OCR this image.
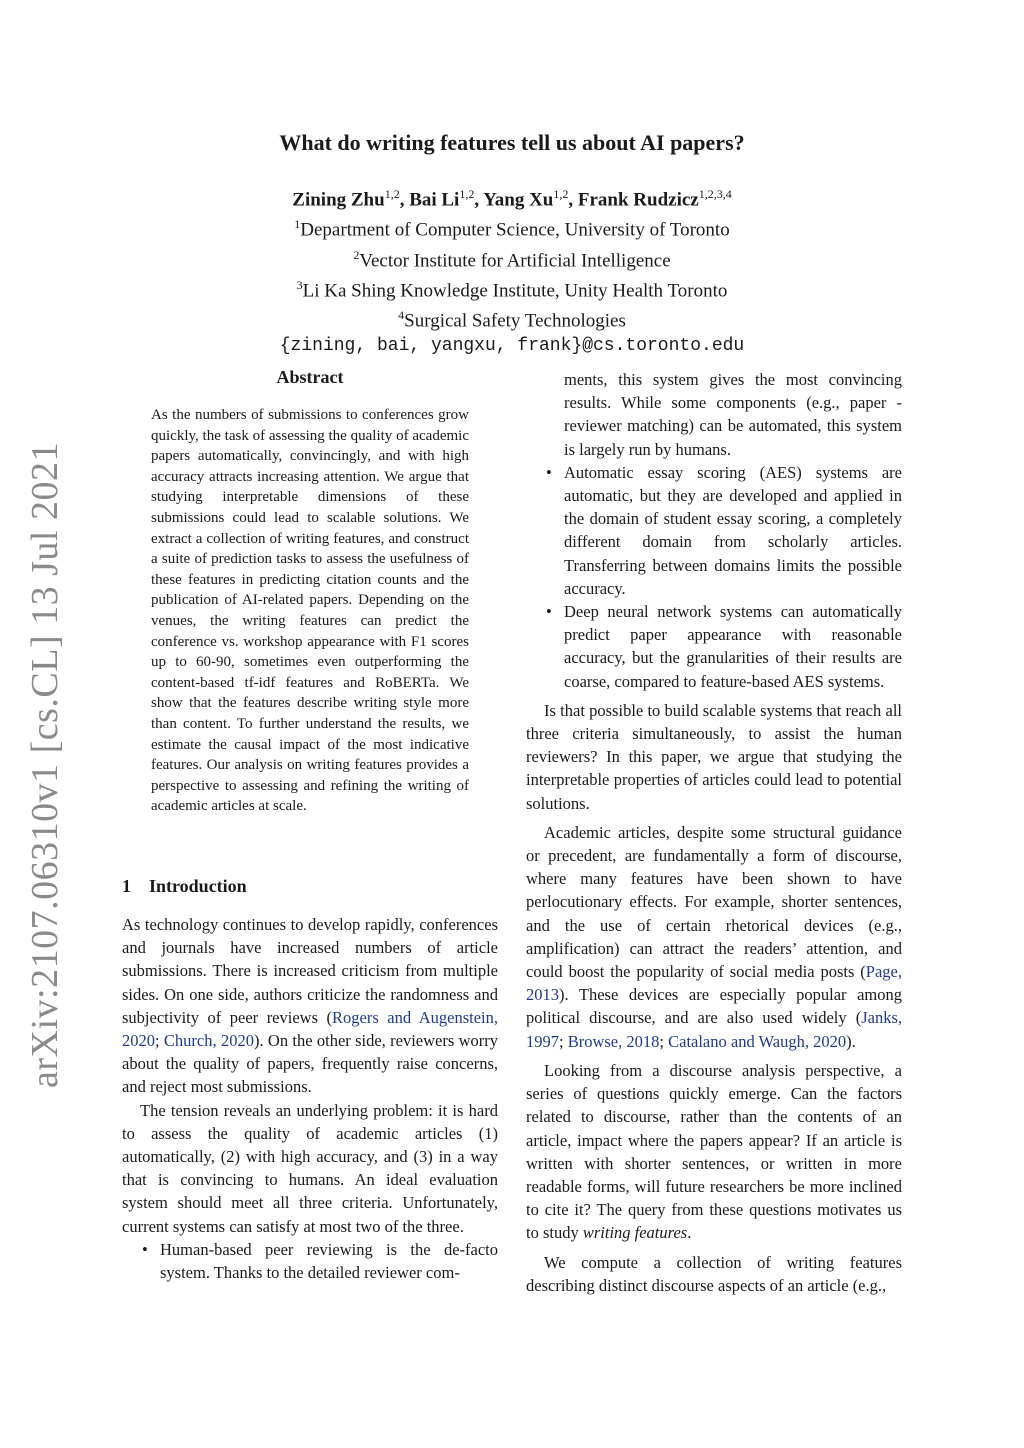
arXiv:2107.06310v1 [cs.CL] 13 Jul 2021
What do writing features tell us about AI papers?
Zining Zhu$^{1,2}$, Bai Li$^{1,2}$, Yang Xu$^{1,2}$, Frank Rudzicz$^{1,2,3,4}$
$^1$Department of Computer Science, University of Toronto
$^2$Vector Institute for Artificial Intelligence
$^3$Li Ka Shing Knowledge Institute, Unity Health Toronto
$^4$Surgical Safety Technologies
{zining, bai, yangxu, frank}@cs.toronto.edu
Abstract
As the numbers of submissions to conferences grow quickly, the task of assessing the quality of academic papers automatically, convincingly, and with high accuracy attracts increasing attention. We argue that studying interpretable dimensions of these submissions could lead to scalable solutions. We extract a collection of writing features, and construct a suite of prediction tasks to assess the usefulness of these features in predicting citation counts and the publication of AI-related papers. Depending on the venues, the writing features can predict the conference vs. workshop appearance with F1 scores up to 60-90, sometimes even outperforming the content-based tf-idf features and RoBERTa. We show that the features describe writing style more than content. To further understand the results, we estimate the causal impact of the most indicative features. Our analysis on writing features provides a perspective to assessing and refining the writing of academic articles at scale.
1 Introduction

As technology continues to develop rapidly, conferences and journals have increased numbers of article submissions. There is increased criticism from multiple sides. On one side, authors criticize the randomness and subjectivity of peer reviews (Rogers and Augenstein, 2020; Church, 2020). On the other side, reviewers worry about the quality of papers, frequently raise concerns, and reject most submissions.

The tension reveals an underlying problem: it is hard to assess the quality of academic articles (1) automatically, (2) with high accuracy, and (3) in a way that is convincing to humans. An ideal evaluation system should meet all three criteria. Unfortunately, current systems can satisfy at most two of the three.

• Human-based peer reviewing is the de-facto system. Thanks to the detailed reviewer com-
ments, this system gives the most convincing results. While some components (e.g., paper - reviewer matching) can be automated, this system is largely run by humans.
• Automatic essay scoring (AES) systems are automatic, but they are developed and applied in the domain of student essay scoring, a completely different domain from scholarly articles. Transferring between domains limits the possible accuracy.
• Deep neural network systems can automatically predict paper appearance with reasonable accuracy, but the granularities of their results are coarse, compared to feature-based AES systems.

Is that possible to build scalable systems that reach all three criteria simultaneously, to assist the human reviewers? In this paper, we argue that studying the interpretable properties of articles could lead to potential solutions.

Academic articles, despite some structural guidance or precedent, are fundamentally a form of discourse, where many features have been shown to have perlocutionary effects. For example, shorter sentences, and the use of certain rhetorical devices (e.g., amplification) can attract the readers’ attention, and could boost the popularity of social media posts (Page, 2013). These devices are especially popular among political discourse, and are also used widely (Janks, 1997; Browse, 2018; Catalano and Waugh, 2020).

Looking from a discourse analysis perspective, a series of questions quickly emerge. Can the factors related to discourse, rather than the contents of an article, impact where the papers appear? If an article is written with shorter sentences, or written in more readable forms, will future researchers be more inclined to cite it? The query from these questions motivates us to study writing features.

We compute a collection of writing features describing distinct discourse aspects of an article (e.g.,
